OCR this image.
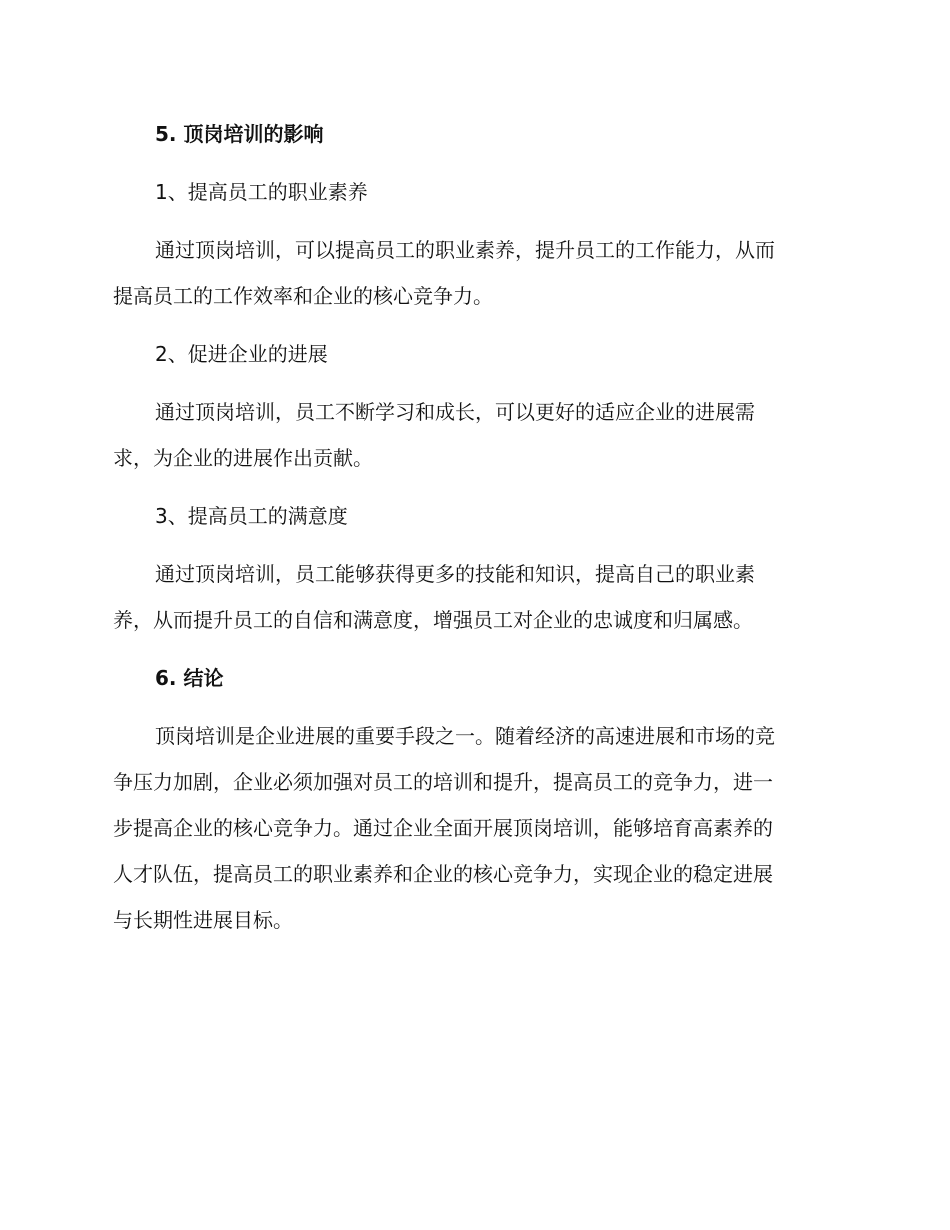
5. 顶岗培训的影响
1、提高员工的职业素养
通过顶岗培训，可以提高员工的职业素养，提升员工的工作能力，从而
提高员工的工作效率和企业的核心竞争力。
2、促进企业的进展
通过顶岗培训，员工不断学习和成长，可以更好的适应企业的进展需
求，为企业的进展作出贡献。
3、提高员工的满意度
通过顶岗培训，员工能够获得更多的技能和知识，提高自己的职业素
养，从而提升员工的自信和满意度，增强员工对企业的忠诚度和归属感。
6. 结论
顶岗培训是企业进展的重要手段之一。随着经济的高速进展和市场的竞
争压力加剧，企业必须加强对员工的培训和提升，提高员工的竞争力，进一
步提高企业的核心竞争力。通过企业全面开展顶岗培训，能够培育高素养的
人才队伍，提高员工的职业素养和企业的核心竞争力，实现企业的稳定进展
与长期性进展目标。
